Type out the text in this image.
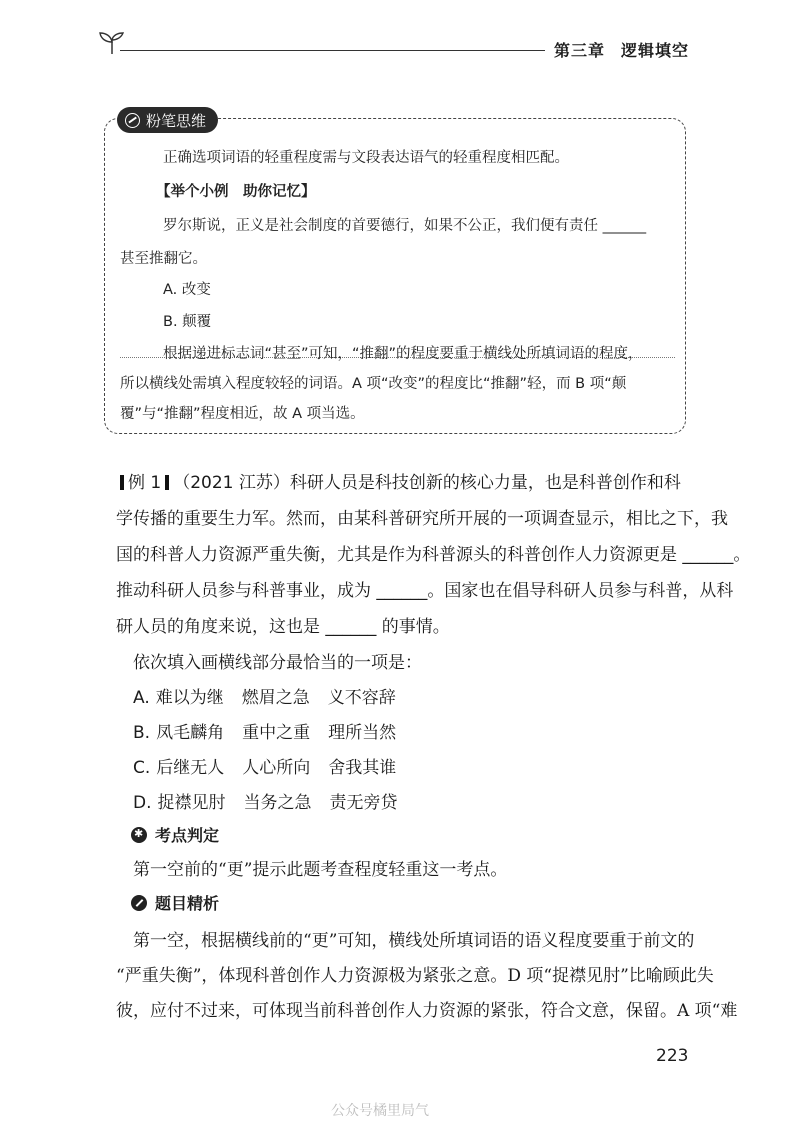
第三章 逻辑填空
粉笔思维
正确选项词语的轻重程度需与文段表达语气的轻重程度相匹配。
【举个小例　助你记忆】
罗尔斯说，正义是社会制度的首要德行，如果不公正，我们便有责任 ______
甚至推翻它。
A. 改变
B. 颠覆
根据递进标志词“甚至”可知，“推翻”的程度要重于横线处所填词语的程度，
所以横线处需填入程度较轻的词语。A 项“改变”的程度比“推翻”轻，而 B 项“颠
覆”与“推翻”程度相近，故 A 项当选。
例 1 （2021 江苏）科研人员是科技创新的核心力量，也是科普创作和科
学传播的重要生力军。然而，由某科普研究所开展的一项调查显示，相比之下，我
国的科普人力资源严重失衡，尤其是作为科普源头的科普创作人力资源更是 ______。
推动科研人员参与科普事业，成为 ______。国家也在倡导科研人员参与科普，从科
研人员的角度来说，这也是 ______ 的事情。
依次填入画横线部分最恰当的一项是：
A. 难以为继 燃眉之急 义不容辞
B. 凤毛麟角 重中之重 理所当然
C. 后继无人 人心所向 舍我其谁
D. 捉襟见肘 当务之急 责无旁贷
✱
考点判定
第一空前的“更”提示此题考查程度轻重这一考点。
题目精析
第一空，根据横线前的“更”可知，横线处所填词语的语义程度要重于前文的
“严重失衡”，体现科普创作人力资源极为紧张之意。D 项“捉襟见肘”比喻顾此失
彼，应付不过来，可体现当前科普创作人力资源的紧张，符合文意，保留。A 项“难
223
公众号橘里局气
